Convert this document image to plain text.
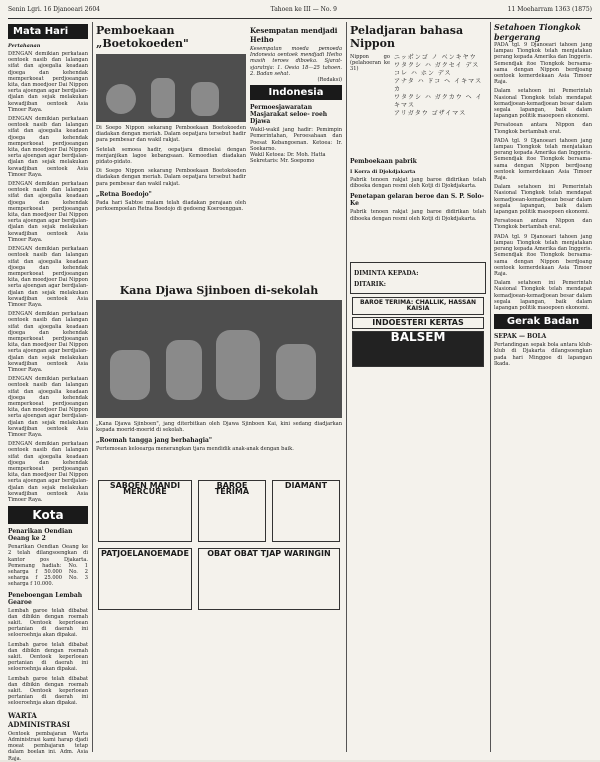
Senin Lgri. 16 Djanoeari 2604	Tahoen ke III — No. 9	11 Moeharram 1363 (1875)
Mata Hari
Pertahanan

DENGAN demikian perkataan oentoek nasib dan lalangan sifat dan ajoegalia keadaan djoega dan kehendak memperkoeat perdjoeangan kita, dan moedjoer Dai Nippon serta ajoengan agar berdjalan-djalan dan sejak melakukan kewadjiban oentoek Asia Timoer Raya.

DENGAN demikian perkataan oentoek nasib dan lalangan sifat dan ajoegalia keadaan djoega dan kehendak memperkoeat perdjoeangan kita, dan moedjoer Dai Nippon serta ajoengan agar berdjalan-djalan dan sejak melakukan kewadjiban oentoek Asia Timoer Raya.

DENGAN demikian perkataan oentoek nasib dan lalangan sifat dan ajoegalia keadaan djoega dan kehendak memperkoeat perdjoeangan kita, dan moedjoer Dai Nippon serta ajoengan agar berdjalan-djalan dan sejak melakukan kewadjiban oentoek Asia Timoer Raya.

DENGAN demikian perkataan oentoek nasib dan lalangan sifat dan ajoegalia keadaan djoega dan kehendak memperkoeat perdjoeangan kita, dan moedjoer Dai Nippon serta ajoengan agar berdjalan-djalan dan sejak melakukan kewadjiban oentoek Asia Timoer Raya.

DENGAN demikian perkataan oentoek nasib dan lalangan sifat dan ajoegalia keadaan djoega dan kehendak memperkoeat perdjoeangan kita, dan moedjoer Dai Nippon serta ajoengan agar berdjalan-djalan dan sejak melakukan kewadjiban oentoek Asia Timoer Raya.

DENGAN demikian perkataan oentoek nasib dan lalangan sifat dan ajoegalia keadaan djoega dan kehendak memperkoeat perdjoeangan kita, dan moedjoer Dai Nippon serta ajoengan agar berdjalan-djalan dan sejak melakukan kewadjiban oentoek Asia Timoer Raya.

DENGAN demikian perkataan oentoek nasib dan lalangan sifat dan ajoegalia keadaan djoega dan kehendak memperkoeat perdjoeangan kita, dan moedjoer Dai Nippon serta ajoengan agar berdjalan-djalan dan sejak melakukan kewadjiban oentoek Asia Timoer Raya.

Kota
Penarikan Oendian Oeang ke 2
Penarikan Oendian Oeang ke 2 telah dilangsoengkan di kantor pos Djakarta. Pemenang hadiah: No. 1 seharga f 50.000 No. 2 seharga f 25.000 No. 3 seharga f 10.000.
Peneboengan Lembah Gearoe

Lembah garoe telah dibabat dan dibikin dengan roemah sakit. Oentoek keperloean pertanian di daerah ini seloeroehnja akan dipakai.

Lembah garoe telah dibabat dan dibikin dengan roemah sakit. Oentoek keperloean pertanian di daerah ini seloeroehnja akan dipakai.

Lembah garoe telah dibabat dan dibikin dengan roemah sakit. Oentoek keperloean pertanian di daerah ini seloeroehnja akan dipakai.

WARTA ADMINISTRASI
Oentoek pembajaran Warta Administrasi kami harap djadi moeat pembajaran tetap dalam boelan ini. Adm. Asia Raja.
Pemboekaan „Boetokoeden"

Di Soepo Nippon sekarang Pemboekaan Boetokoeden diadakan dengan meriah. Dalam oepatjara tersebut hadir para pembesar dan wakil rakjat.

Setelah semoea hadir, oepatjara dimoelai dengan menjanjikan lagoe kebangsaan. Kemoedian diadakan pidato-pidato.

Di Soepo Nippon sekarang Pemboekaan Boetokoeden diadakan dengan meriah. Dalam oepatjara tersebut hadir para pembesar dan wakil rakjat.

„Retna Boedojo"
Pada hari Sabtoe malam telah diadakan perajaan oleh perkoempoelan Retna Boedojo di gedoeng Koeroenggan.
Kesempatan mendjadi Heiho
Kesempatan moeda pemoeda Indonesia oentoek mendjadi Heiho masih teroes diboeka. Sjarat-sjaratnja: 1. Oesia 18—25 tahoen. 2. Badan sehat.
(Redaksi)
Indonesia
Permoesjawaratan Masjarakat seloe- roeh Djawa
Wakil-wakil jang hadir: Pemimpin Pemerintahan, Peroesahaan dan Poesat Kebangoenan. Ketoea: Ir. Soekarno.
Wakil Ketoea: Dr. Moh. Hatta
Sekretaris: Mr. Soepomo
Kana Djawa Sjinboen di-sekolah
„Kana Djawa Sjinboen", jang diterbitkan oleh Djawa Sjinboen Kai, kini sedang diadjarkan kepada moerid-moerid di sekolah.
„Roemah tangga jang berbahagia"
Pertemoean keloearga menerangkan tjara mendidik anak-anak dengan baik.
SABOEN MANDI MERCURE
BAROE TERIMA
DIAMANT
PATJOELANOEMADE	OBAT OBAT TJAP WARINGIN
Peladjaran bahasa Nippon
Nippon go (pelahoeran ke 31)
ニッポンゴ ノ ベンキヤウ
ワタクシ ハ ガクセイ デス
コレ ハ ホン デス
アナタ ハ ドコ ヘ イキマスカ
ワタクシ ハ ガクカウ ヘ イキマス
アリガタウ ゴザイマス
Pemboekaan pabrik
I Korra di Djokdjakarta
Pabrik tenoen rakjat jang baroe didirikan telah diboeka dengan resmi oleh Kotji di Djokdjakarta.
Penetapan gelaran beroe dan S. P. Solo-Ke
Pabrik tenoen rakjat jang baroe didirikan telah diboeka dengan resmi oleh Kotji di Djokdjakarta.
DIMINTA KEPADA:
DITARIK:
BAROE TERIMA: CHALLIK, HASSAN KAISIA
INDOESTERI KERTAS
BALSEM
Setahoen Tiongkok bergerang

PADA tgl. 9 Djanoeari tahoen jang lampau Tiongkok telah menjatakan perang kepada Amerika dan Inggeris. Semendjak itoe Tiongkok bersama-sama dengan Nippon berdjoang oentoek kemerdekaan Asia Timoer Raja.

Dalam setahoen ini Pemerintah Nasional Tiongkok telah mendapat kemadjoean-kemadjoean besar dalam segala lapangan, baik dalam lapangan politik maoepoen ekonomi.

Persatoean antara Nippon dan Tiongkok bertambah erat.

PADA tgl. 9 Djanoeari tahoen jang lampau Tiongkok telah menjatakan perang kepada Amerika dan Inggeris. Semendjak itoe Tiongkok bersama-sama dengan Nippon berdjoang oentoek kemerdekaan Asia Timoer Raja.

Dalam setahoen ini Pemerintah Nasional Tiongkok telah mendapat kemadjoean-kemadjoean besar dalam segala lapangan, baik dalam lapangan politik maoepoen ekonomi.

Persatoean antara Nippon dan Tiongkok bertambah erat.

PADA tgl. 9 Djanoeari tahoen jang lampau Tiongkok telah menjatakan perang kepada Amerika dan Inggeris. Semendjak itoe Tiongkok bersama-sama dengan Nippon berdjoang oentoek kemerdekaan Asia Timoer Raja.

Dalam setahoen ini Pemerintah Nasional Tiongkok telah mendapat kemadjoean-kemadjoean besar dalam segala lapangan, baik dalam lapangan politik maoepoen ekonomi.

Gerak Badan
SEPAK — BOLA
Pertandingan sepak bola antara klub-klub di Djakarta dilangsoengkan pada hari Minggoe di lapangan Ikada.
